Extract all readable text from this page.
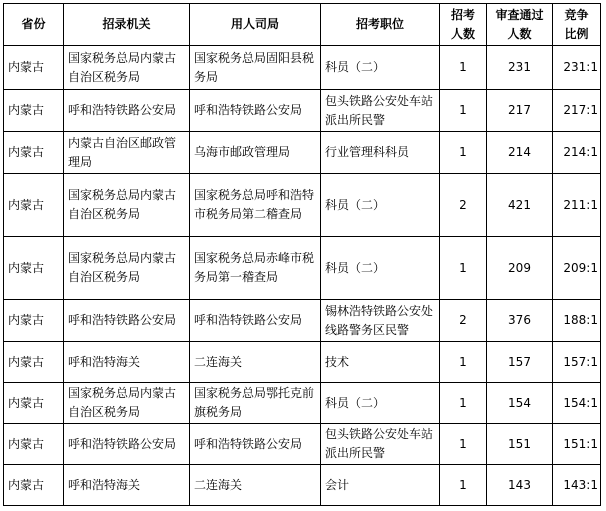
省份	招录机关	用人司局	招考职位	招考人数	审查通过人数	竞争比例
内蒙古	国家税务总局内蒙古自治区税务局	国家税务总局固阳县税务局	科员（二）	1	231	231:1
内蒙古	呼和浩特铁路公安局	呼和浩特铁路公安局	包头铁路公安处车站派出所民警	1	217	217:1
内蒙古	内蒙古自治区邮政管理局	乌海市邮政管理局	行业管理科科员	1	214	214:1
内蒙古	国家税务总局内蒙古自治区税务局	国家税务总局呼和浩特市税务局第二稽查局	科员（二）	2	421	211:1
内蒙古	国家税务总局内蒙古自治区税务局	国家税务总局赤峰市税务局第一稽查局	科员（二）	1	209	209:1
内蒙古	呼和浩特铁路公安局	呼和浩特铁路公安局	锡林浩特铁路公安处线路警务区民警	2	376	188:1
内蒙古	呼和浩特海关	二连海关	技术	1	157	157:1
内蒙古	国家税务总局内蒙古自治区税务局	国家税务总局鄂托克前旗税务局	科员（二）	1	154	154:1
内蒙古	呼和浩特铁路公安局	呼和浩特铁路公安局	包头铁路公安处车站派出所民警	1	151	151:1
内蒙古	呼和浩特海关	二连海关	会计	1	143	143:1
